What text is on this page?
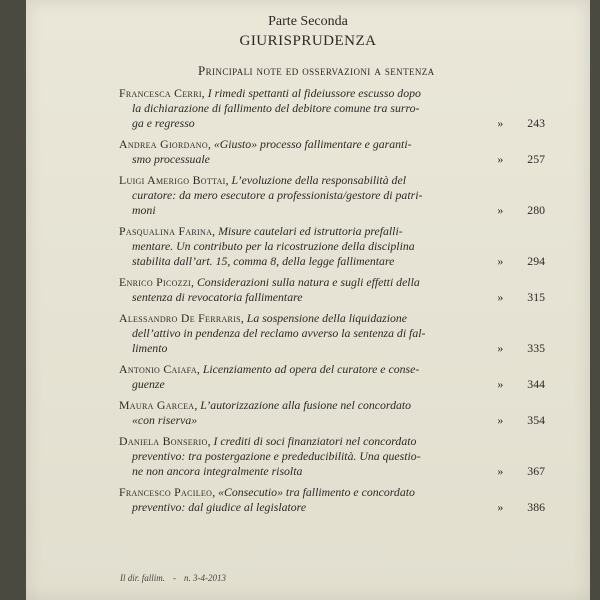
Parte Seconda
GIURISPRUDENZA
Principali note ed osservazioni a sentenza
Francesca Cerri, I rimedi spettanti al fideiussore escusso dopo
la dichiarazione di fallimento del debitore comune tra surro-
ga e regresso	» 243
Andrea Giordano, «Giusto» processo fallimentare e garanti-
smo processuale	» 257
Luigi Amerigo Bottai, L’evoluzione della responsabilità del
curatore: da mero esecutore a professionista/gestore di patri-
moni	» 280
Pasqualina Farina, Misure cautelari ed istruttoria prefalli-
mentare. Un contributo per la ricostruzione della disciplina
stabilita dall’art. 15, comma 8, della legge fallimentare	» 294
Enrico Picozzi, Considerazioni sulla natura e sugli effetti della
sentenza di revocatoria fallimentare	» 315
Alessandro De Ferraris, La sospensione della liquidazione
dell’attivo in pendenza del reclamo avverso la sentenza di fal-
limento	» 335
Antonio Caiafa, Licenziamento ad opera del curatore e conse-
guenze	» 344
Maura Garcea, L’autorizzazione alla fusione nel concordato
«con riserva»	» 354
Daniela Bonserio, I crediti di soci finanziatori nel concordato
preventivo: tra postergazione e prededucibilità. Una questio-
ne non ancora integralmente risolta	» 367
Francesco Pacileo, «Consecutio» tra fallimento e concordato
preventivo: dal giudice al legislatore	» 386
Il dir. fallim. - n. 3-4-2013
